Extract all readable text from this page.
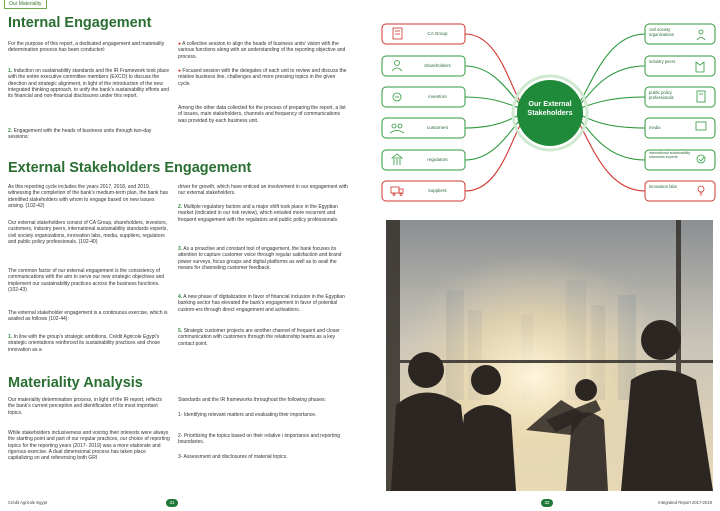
Our Materiality
Internal Engagement
For the purpose of this report, a dedicated engagement and materiality determination process has been conducted:
1. Induction on sustainability standards and the IR Framework took place with the entire executive committee members (EXCO) to discuss the direction and strategic alignment, in light of the introduction of the new integrated thinking approach, to unify the bank’s sustainability efforts and its financial and non-financial disclosures under this report.
2. Engagement with the heads of business units through two-day sessions:
● A collective session to align the heads of business units’ vision with the various functions along with an understanding of the reporting objective and process.
● Focused session with the delegates of each unit to review and discuss the relative business line, challenges and more pressing topics in the given cycle.
Among the other data collected for the process of preparing the report, a list of issues, main stakeholders, channels and frequency of communications was provided by each business unit.
External Stakeholders Engagement
As this reporting cycle includes the years 2017, 2018, and 2019, witnessing the completion of the bank’s medium-term plan, the bank has identified stakeholders with whom to engage based on new issues arising. (102-42)
Our external stakeholders consist of CA Group, shareholders, investors, customers, industry peers, international sustainability standards experts, civil society organizations, innovation labs, media, suppliers, regulators and public policy professionals. (102-40)
The common factor of our external engagement is the consistency of communications with the aim to serve our new strategic objectives and implement our sustainability practices across the business functions. (102-43)
The external stakeholder engagement is a continuous exercise, which is availed as follows (102-44):
1. In line with the group’s strategic ambitions, Crédit Agricole Egypt’s strategic orientations reinforced its sustainability practices and chose innovation as a
driver for growth, which have enticed an involvement in our engagement with our external stakeholders.
2. Multiple regulatory factors and a major shift took place in the Egyptian market (indicated in our risk review), which entailed more recurrent and frequent engagement with the regulators and public policy professionals.
3. As a proactive and constant tool of engagement, the bank focuses its attention to capture customer voice through regular satisfaction and brand power surveys, focus groups and digital platforms as well as to avail the means for channeling customer feedback.
4. A new phase of digitalization in favor of financial inclusion in the Egyptian banking sector has elevated the bank’s engagement in favor of potential custom-ers through direct engagement and activations.
5. Strategic customer projects are another channel of frequent and closer communication with customers through the relationship teams as a key contact point.
Materiality Analysis
Our materiality determination process, in light of the IR report, reflects the bank’s current perception and identification of its most important topics.
While stakeholders inclusiveness and voicing their interests were always the starting point and part of our regular practices, our choice of reporting topics for the reporting years (2017- 2019) was a more elaborate and rigorous exercise. A dual dimensional process has taken place capitalizing on and referencing both GRI
Standards and the IR frameworks throughout the following phases:
1- Identifying relevant matters and evaluating their importance.
2- Prioritizing the topics based on their relative i importance and reporting boundaries.
3- Assessment and disclosures of material topics.
Crédit Agricole Egypt	31
Our External Stakeholders
CA Group
shareholders
investors
customers
regulators
suppliers
civil society organizations
industry peers
public policy professionals
media
international sustainability standards experts
innovation labs
Integrated Report 2017-2019
32
